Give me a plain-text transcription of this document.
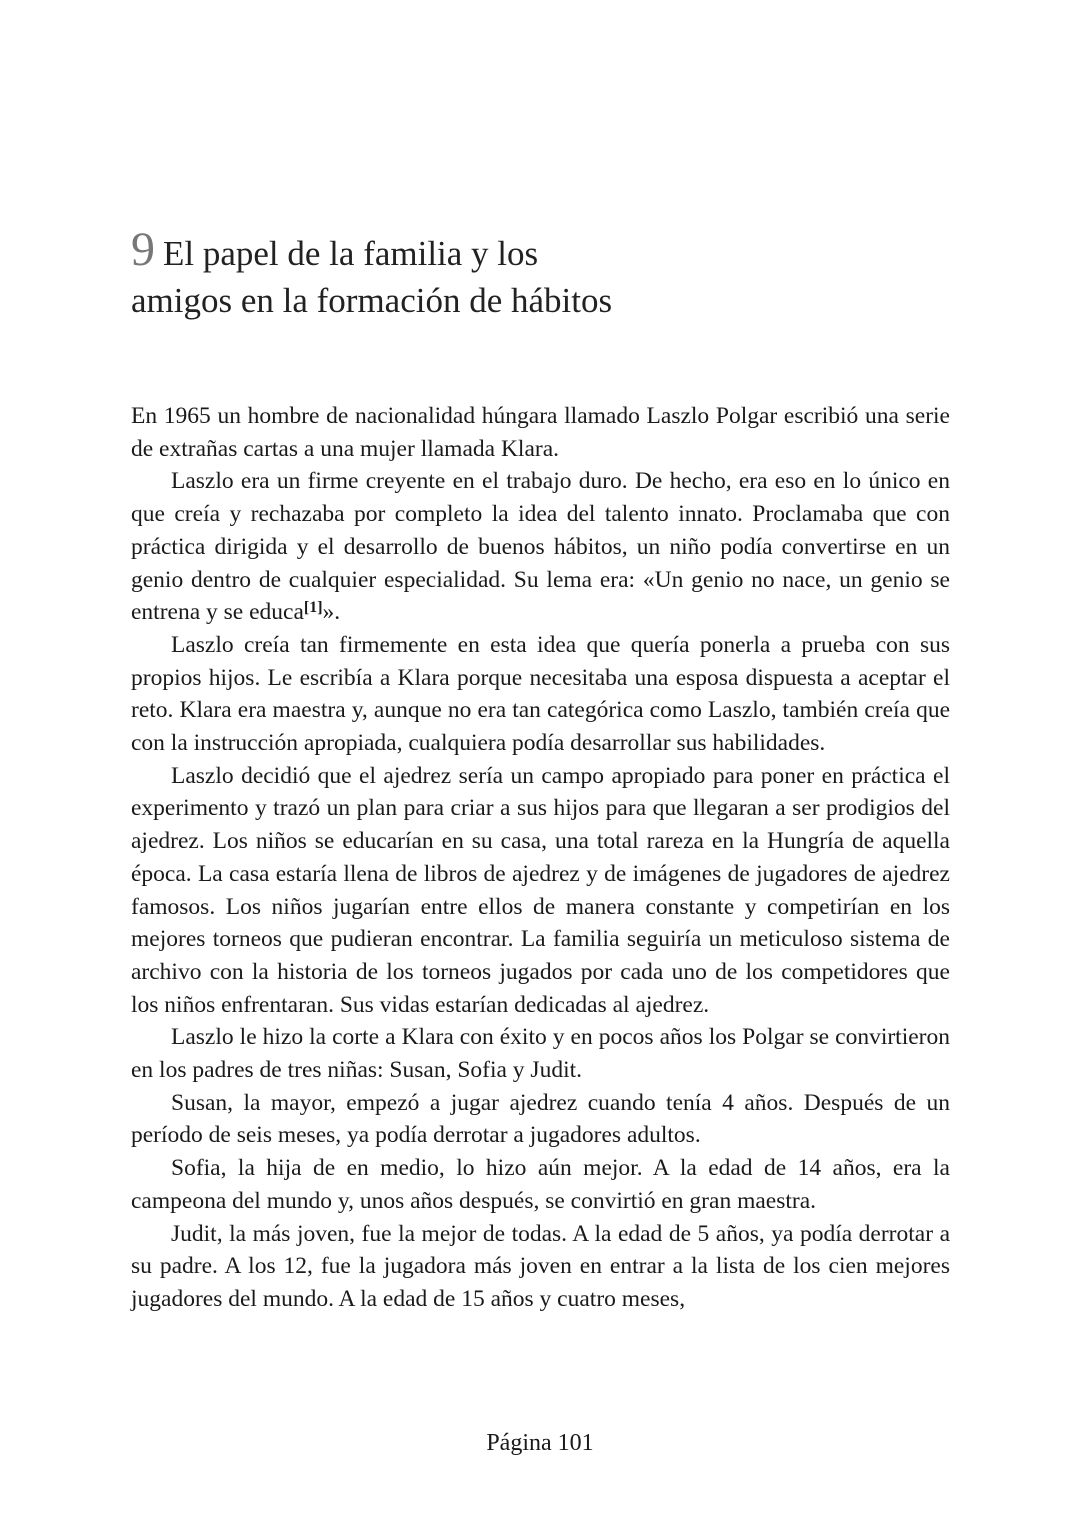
9 El papel de la familia y los
amigos en la formación de hábitos

En 1965 un hombre de nacionalidad húngara llamado Laszlo Polgar escribió una serie de extrañas cartas a una mujer llamada Klara.

Laszlo era un firme creyente en el trabajo duro. De hecho, era eso en lo único en que creía y rechazaba por completo la idea del talento innato. Proclamaba que con práctica dirigida y el desarrollo de buenos hábitos, un niño podía convertirse en un genio dentro de cualquier especialidad. Su lema era: «Un genio no nace, un genio se entrena y se educa[1]».

Laszlo creía tan firmemente en esta idea que quería ponerla a prueba con sus propios hijos. Le escribía a Klara porque necesitaba una esposa dispuesta a aceptar el reto. Klara era maestra y, aunque no era tan categórica como Laszlo, también creía que con la instrucción apropiada, cualquiera podía desarrollar sus habilidades.

Laszlo decidió que el ajedrez sería un campo apropiado para poner en práctica el experimento y trazó un plan para criar a sus hijos para que llegaran a ser prodigios del ajedrez. Los niños se educarían en su casa, una total rareza en la Hungría de aquella época. La casa estaría llena de libros de ajedrez y de imágenes de jugadores de ajedrez famosos. Los niños jugarían entre ellos de manera constante y competirían en los mejores torneos que pudieran encontrar. La familia seguiría un meticuloso sistema de archivo con la historia de los torneos jugados por cada uno de los competidores que los niños enfrentaran. Sus vidas estarían dedicadas al ajedrez.

Laszlo le hizo la corte a Klara con éxito y en pocos años los Polgar se convirtieron en los padres de tres niñas: Susan, Sofia y Judit.

Susan, la mayor, empezó a jugar ajedrez cuando tenía 4 años. Después de un período de seis meses, ya podía derrotar a jugadores adultos.

Sofia, la hija de en medio, lo hizo aún mejor. A la edad de 14 años, era la campeona del mundo y, unos años después, se convirtió en gran maestra.

Judit, la más joven, fue la mejor de todas. A la edad de 5 años, ya podía derrotar a su padre. A los 12, fue la jugadora más joven en entrar a la lista de los cien mejores jugadores del mundo. A la edad de 15 años y cuatro meses,

Página 101
